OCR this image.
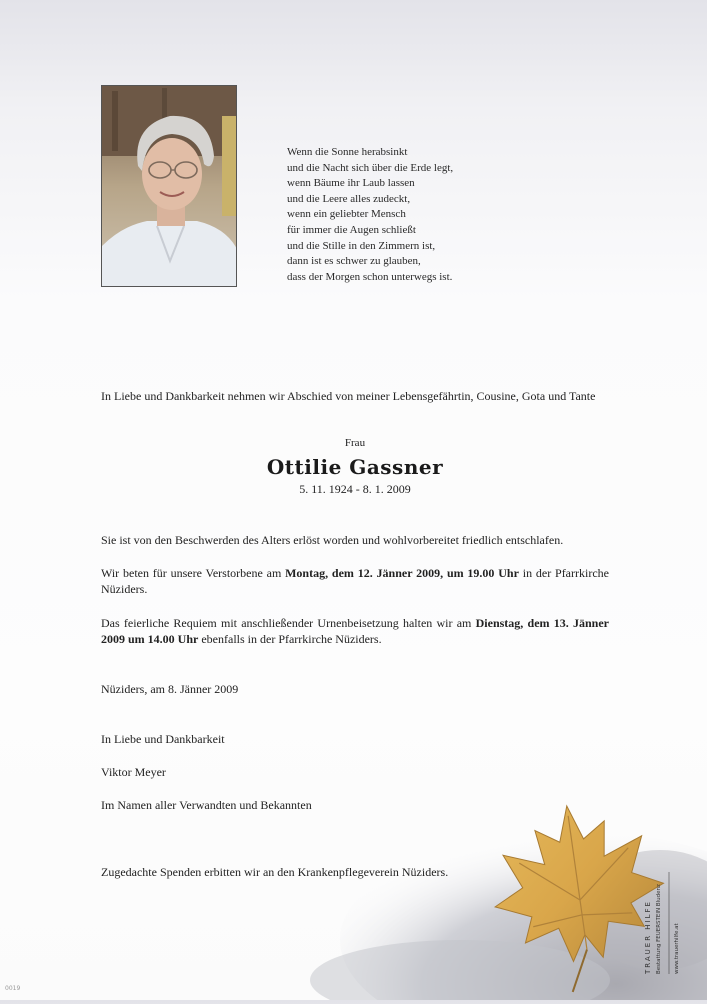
Wenn die Sonne herabsinkt
und die Nacht sich über die Erde legt,
wenn Bäume ihr Laub lassen
und die Leere alles zudeckt,
wenn ein geliebter Mensch
für immer die Augen schließt
und die Stille in den Zimmern ist,
dann ist es schwer zu glauben,
dass der Morgen schon unterwegs ist.
In Liebe und Dankbarkeit nehmen wir Abschied von meiner Lebensgefährtin, Cousine, Gota und Tante
Frau
Ottilie Gassner
5. 11. 1924 - 8. 1. 2009
Sie ist von den Beschwerden des Alters erlöst worden und wohlvorbereitet friedlich entschlafen.
Wir beten für unsere Verstorbene am Montag, dem 12. Jänner 2009, um 19.00 Uhr in der Pfarrkirche Nüziders.
Das feierliche Requiem mit anschließender Urnenbeisetzung halten wir am Dienstag, dem 13. Jänner 2009 um 14.00 Uhr ebenfalls in der Pfarrkirche Nüziders.
Nüziders, am 8. Jänner 2009
In Liebe und Dankbarkeit
Viktor Meyer
Im Namen aller Verwandten und Bekannten
Zugedachte Spenden erbitten wir an den Krankenpflegeverein Nüziders.
TRAUER HILFE Bestattung FEUERSTEIN Bludenz www.trauerhilfe.at
0019
